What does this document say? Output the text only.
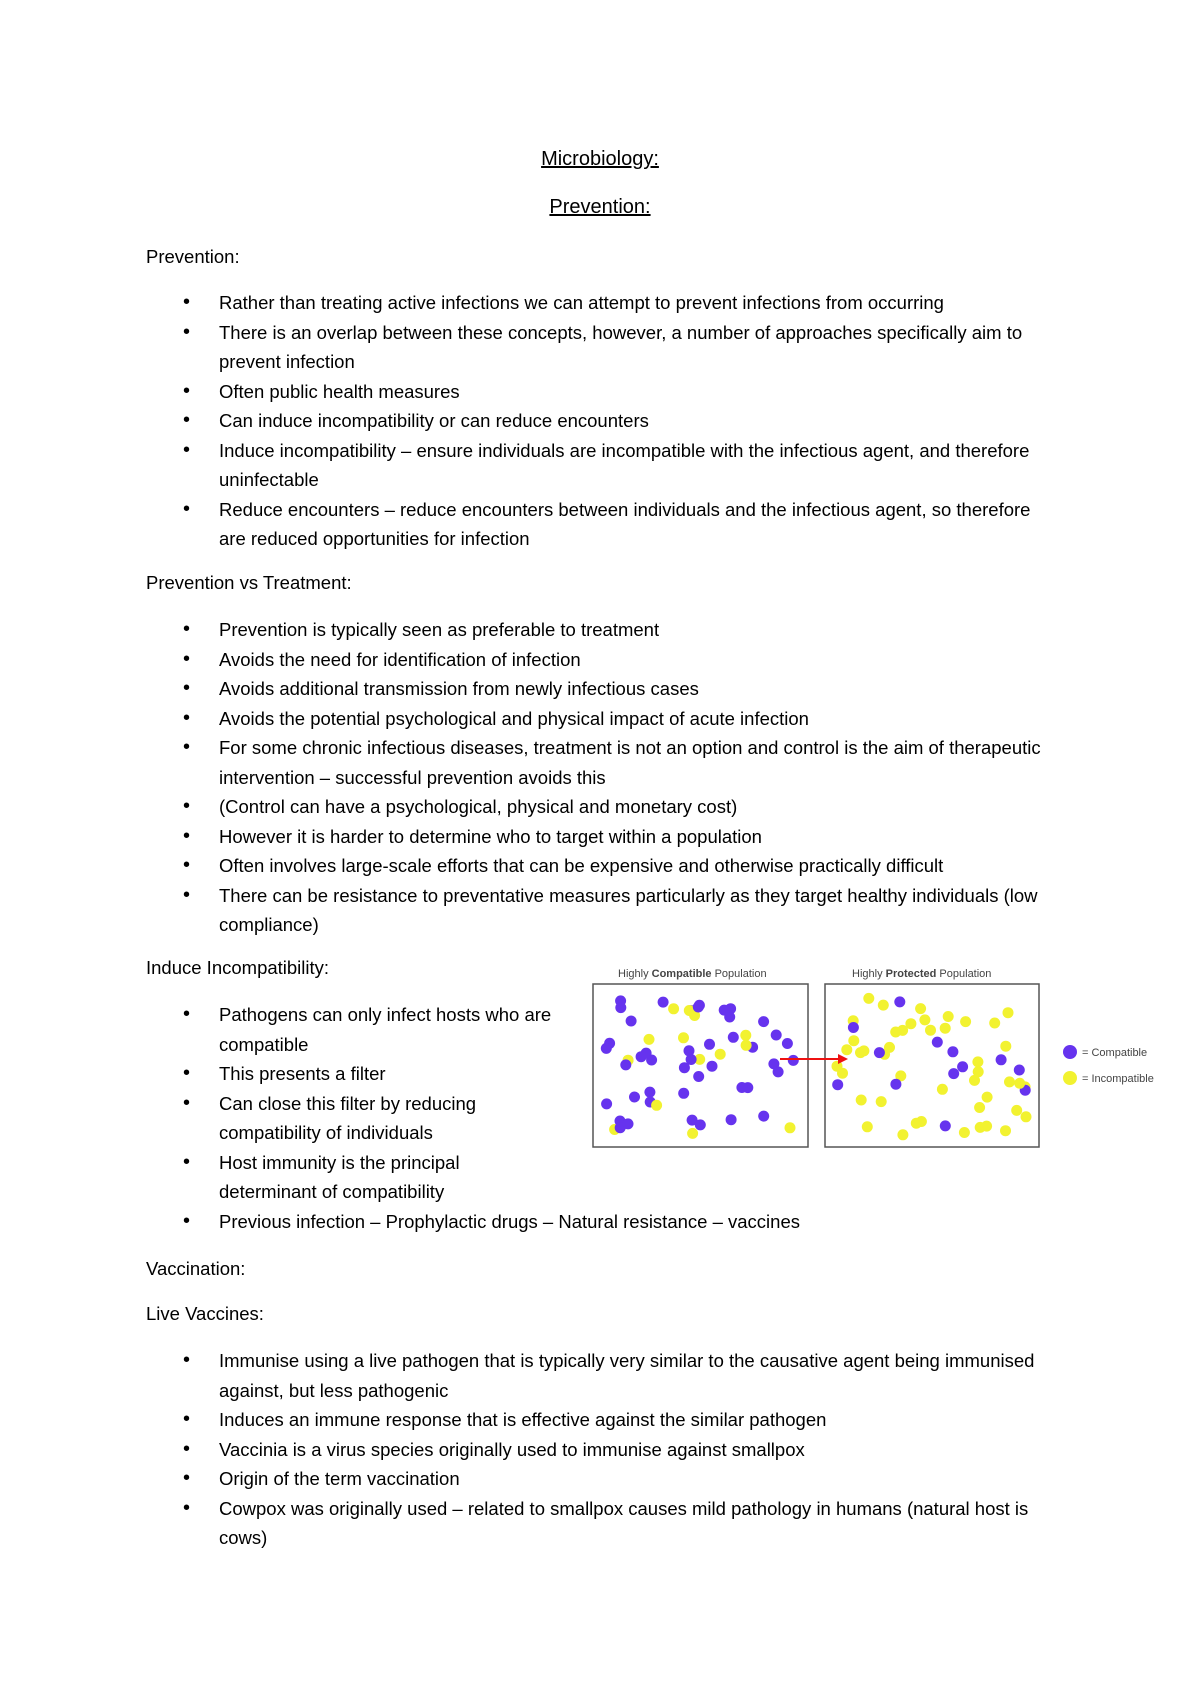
Microbiology:
Prevention:
Prevention:
• Rather than treating active infections we can attempt to prevent infections from occurring
• There is an overlap between these concepts, however, a number of approaches specifically aim to prevent infection
• Often public health measures
• Can induce incompatibility or can reduce encounters
• Induce incompatibility – ensure individuals are incompatible with the infectious agent, and therefore uninfectable
• Reduce encounters – reduce encounters between individuals and the infectious agent, so therefore are reduced opportunities for infection
Prevention vs Treatment:
• Prevention is typically seen as preferable to treatment
• Avoids the need for identification of infection
• Avoids additional transmission from newly infectious cases
• Avoids the potential psychological and physical impact of acute infection
• For some chronic infectious diseases, treatment is not an option and control is the aim of therapeutic intervention – successful prevention avoids this
• (Control can have a psychological, physical and monetary cost)
• However it is harder to determine who to target within a population
• Often involves large-scale efforts that can be expensive and otherwise practically difficult
• There can be resistance to preventative measures particularly as they target healthy individuals (low compliance)
Induce Incompatibility:
• Pathogens can only infect hosts who are compatible
• This presents a filter
• Can close this filter by reducing compatibility of individuals
• Host immunity is the principal determinant of compatibility
• Previous infection – Prophylactic drugs – Natural resistance – vaccines
Highly Compatible Population	Highly Protected Population
= Compatible
= Incompatible
Vaccination:
Live Vaccines:
• Immunise using a live pathogen that is typically very similar to the causative agent being immunised against, but less pathogenic
• Induces an immune response that is effective against the similar pathogen
• Vaccinia is a virus species originally used to immunise against smallpox
• Origin of the term vaccination
• Cowpox was originally used – related to smallpox causes mild pathology in humans (natural host is cows)
